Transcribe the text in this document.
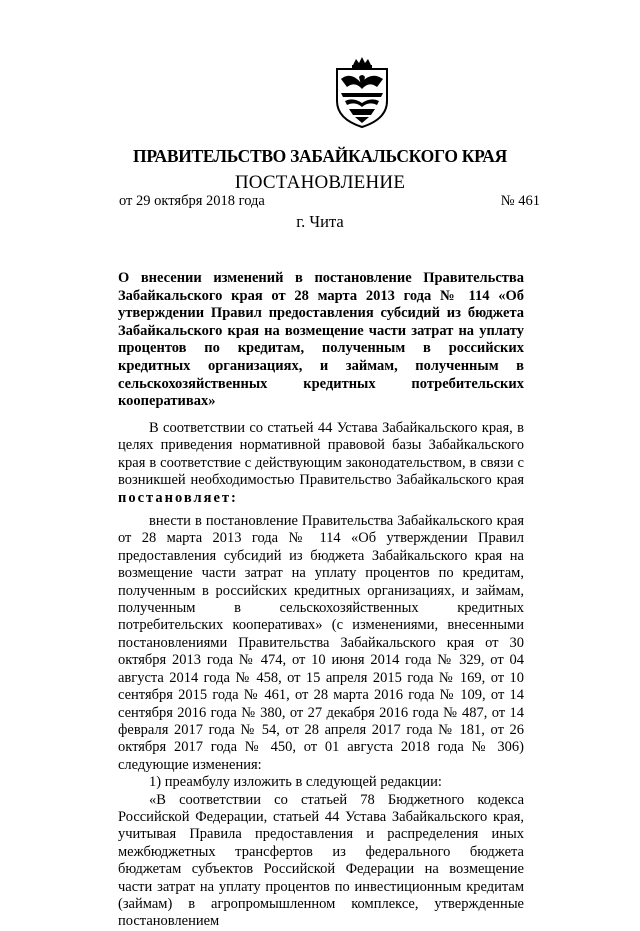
ПРАВИТЕЛЬСТВО ЗАБАЙКАЛЬСКОГО КРАЯ
ПОСТАНОВЛЕНИЕ
от 29 октября 2018 года	№ 461
г. Чита
О внесении изменений в постановление Правительства Забайкальского края от 28 марта 2013 года № 114 «Об утверждении Правил предоставления субсидий из бюджета Забайкальского края на возмещение части затрат на уплату процентов по кредитам, полученным в российских кредитных организациях, и займам, полученным в сельскохозяйственных кредитных потребительских кооперативах»

В соответствии со статьей 44 Устава Забайкальского края, в целях приведения нормативной правовой базы Забайкальского края в соответствие с действующим законодательством, в связи с возникшей необходимостью Правительство Забайкальского края постановляет:

внести в постановление Правительства Забайкальского края от 28 марта 2013 года № 114 «Об утверждении Правил предоставления субсидий из бюджета Забайкальского края на возмещение части затрат на уплату процентов по кредитам, полученным в российских кредитных организациях, и займам, полученным в сельскохозяйственных кредитных потребительских кооперативах» (с изменениями, внесенными постановлениями Правительства Забайкальского края от 30 октября 2013 года № 474, от 10 июня 2014 года № 329, от 04 августа 2014 года № 458, от 15 апреля 2015 года № 169, от 10 сентября 2015 года № 461, от 28 марта 2016 года № 109, от 14 сентября 2016 года № 380, от 27 декабря 2016 года № 487, от 14 февраля 2017 года № 54, от 28 апреля 2017 года № 181, от 26 октября 2017 года № 450, от 01 августа 2018 года № 306) следующие изменения:

1) преамбулу изложить в следующей редакции:

«В соответствии со статьей 78 Бюджетного кодекса Российской Федерации, статьей 44 Устава Забайкальского края, учитывая Правила предоставления и распределения иных межбюджетных трансфертов из федерального бюджета бюджетам субъектов Российской Федерации на возмещение части затрат на уплату процентов по инвестиционным кредитам (займам) в агропромышленном комплексе, утвержденные постановлением
